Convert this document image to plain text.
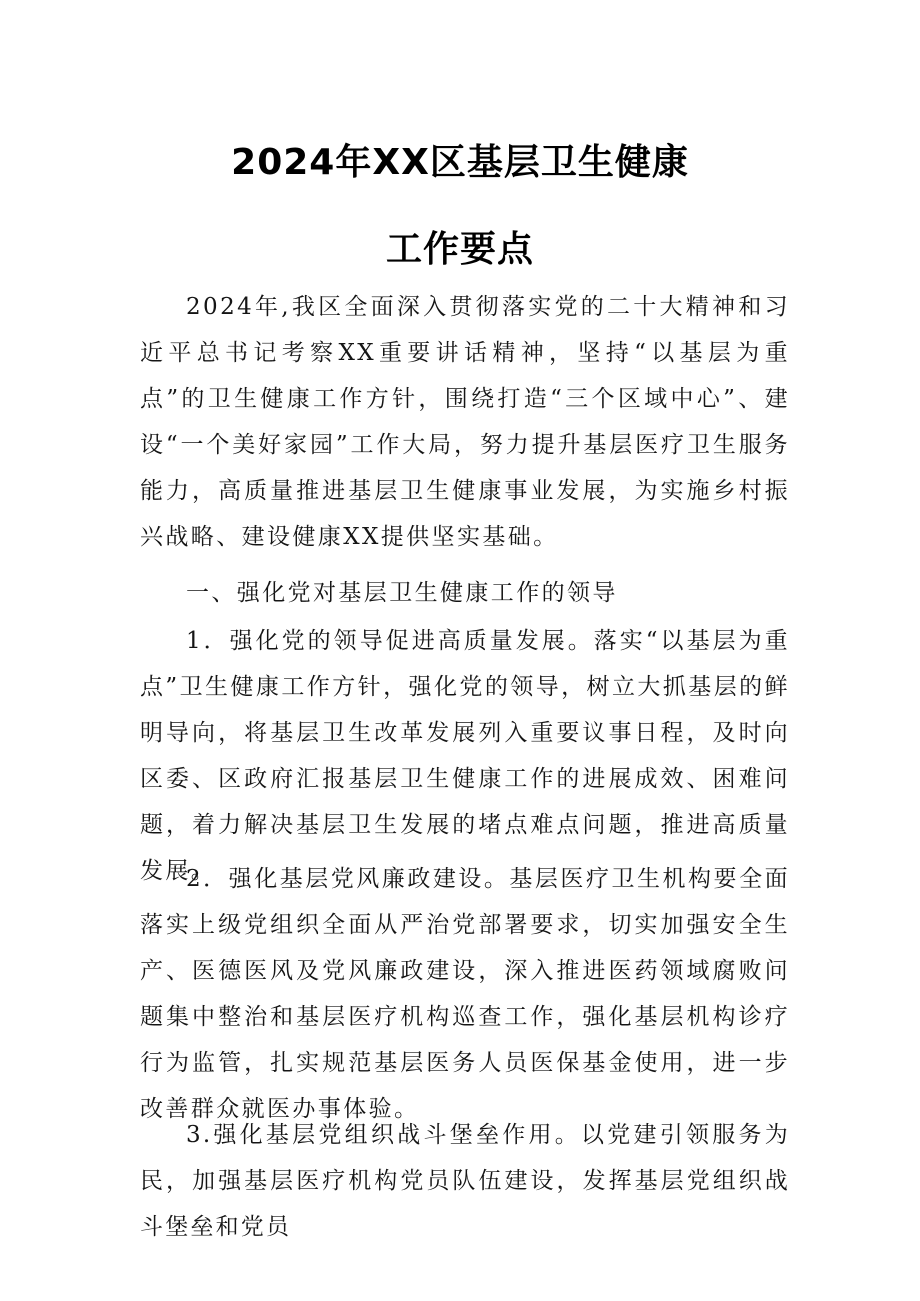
2024年XX区基层卫生健康
工作要点

2024年,我区全面深入贯彻落实党的二十大精神和习近平总书记考察XX重要讲话精神，坚持“以基层为重点”的卫生健康工作方针，围绕打造“三个区域中心”、建设“一个美好家园”工作大局，努力提升基层医疗卫生服务能力，高质量推进基层卫生健康事业发展，为实施乡村振兴战略、建设健康XX提供坚实基础。

一、强化党对基层卫生健康工作的领导

1．强化党的领导促进高质量发展。落实“以基层为重点”卫生健康工作方针，强化党的领导，树立大抓基层的鲜明导向，将基层卫生改革发展列入重要议事日程，及时向区委、区政府汇报基层卫生健康工作的进展成效、困难问题，着力解决基层卫生发展的堵点难点问题，推进高质量发展。

2．强化基层党风廉政建设。基层医疗卫生机构要全面落实上级党组织全面从严治党部署要求，切实加强安全生产、医德医风及党风廉政建设，深入推进医药领域腐败问题集中整治和基层医疗机构巡查工作，强化基层机构诊疗行为监管，扎实规范基层医务人员医保基金使用，进一步改善群众就医办事体验。

3.强化基层党组织战斗堡垒作用。以党建引领服务为民，加强基层医疗机构党员队伍建设，发挥基层党组织战斗堡垒和党员
